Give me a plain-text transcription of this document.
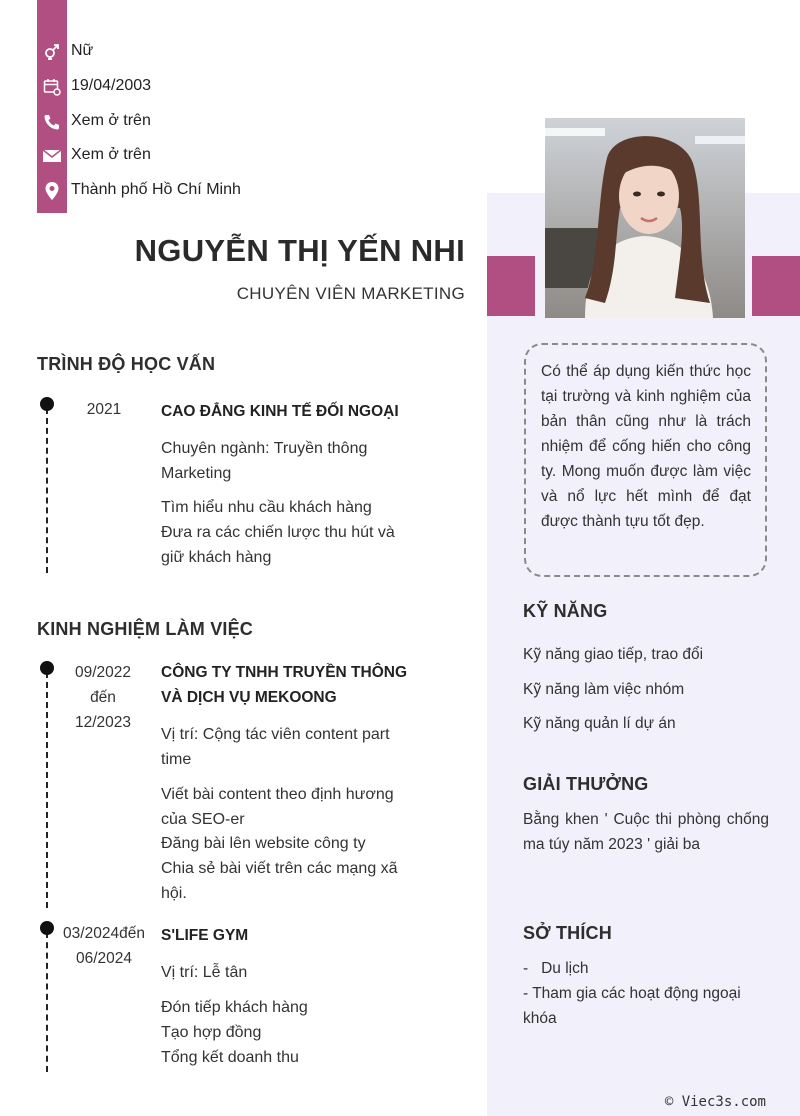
Nữ
19/04/2003
Xem ở trên
Xem ở trên
Thành phố Hồ Chí Minh
NGUYỄN THỊ YẾN NHI
CHUYÊN VIÊN MARKETING
Có thể áp dụng kiến thức học tại trường và kinh nghiệm của bản thân cũng như là trách nhiệm để cống hiến cho công ty. Mong muốn được làm việc và nổ lực hết mình để đạt được thành tựu tốt đẹp.
KỸ NĂNG
Kỹ năng giao tiếp, trao đổi
Kỹ năng làm việc nhóm
Kỹ năng quản lí dự án
GIẢI THƯỞNG
Bằng khen ' Cuộc thi phòng chống ma túy năm 2023 ' giải ba
SỞ THÍCH
-   Du lịch
- Tham gia các hoạt động ngoại khóa
TRÌNH ĐỘ HỌC VẤN
2021	CAO ĐẲNG KINH TẾ ĐỐI NGOẠI
Chuyên ngành: Truyền thông Marketing
Tìm hiểu nhu cầu khách hàng
Đưa ra các chiến lược thu hút và giữ khách hàng
KINH NGHIỆM LÀM VIỆC
09/2022
đến
12/2023
CÔNG TY TNHH TRUYỀN THÔNG VÀ DỊCH VỤ MEKOONG
Vị trí: Cộng tác viên content part time
Viết bài content theo định hương của SEO-er
Đăng bài lên website công ty
Chia sẻ bài viết trên các mạng xã hội.
03/2024đến
06/2024
S'LIFE GYM
Vị trí: Lễ tân
Đón tiếp khách hàng
Tạo hợp đồng
Tổng kết doanh thu
© Viec3s.com
